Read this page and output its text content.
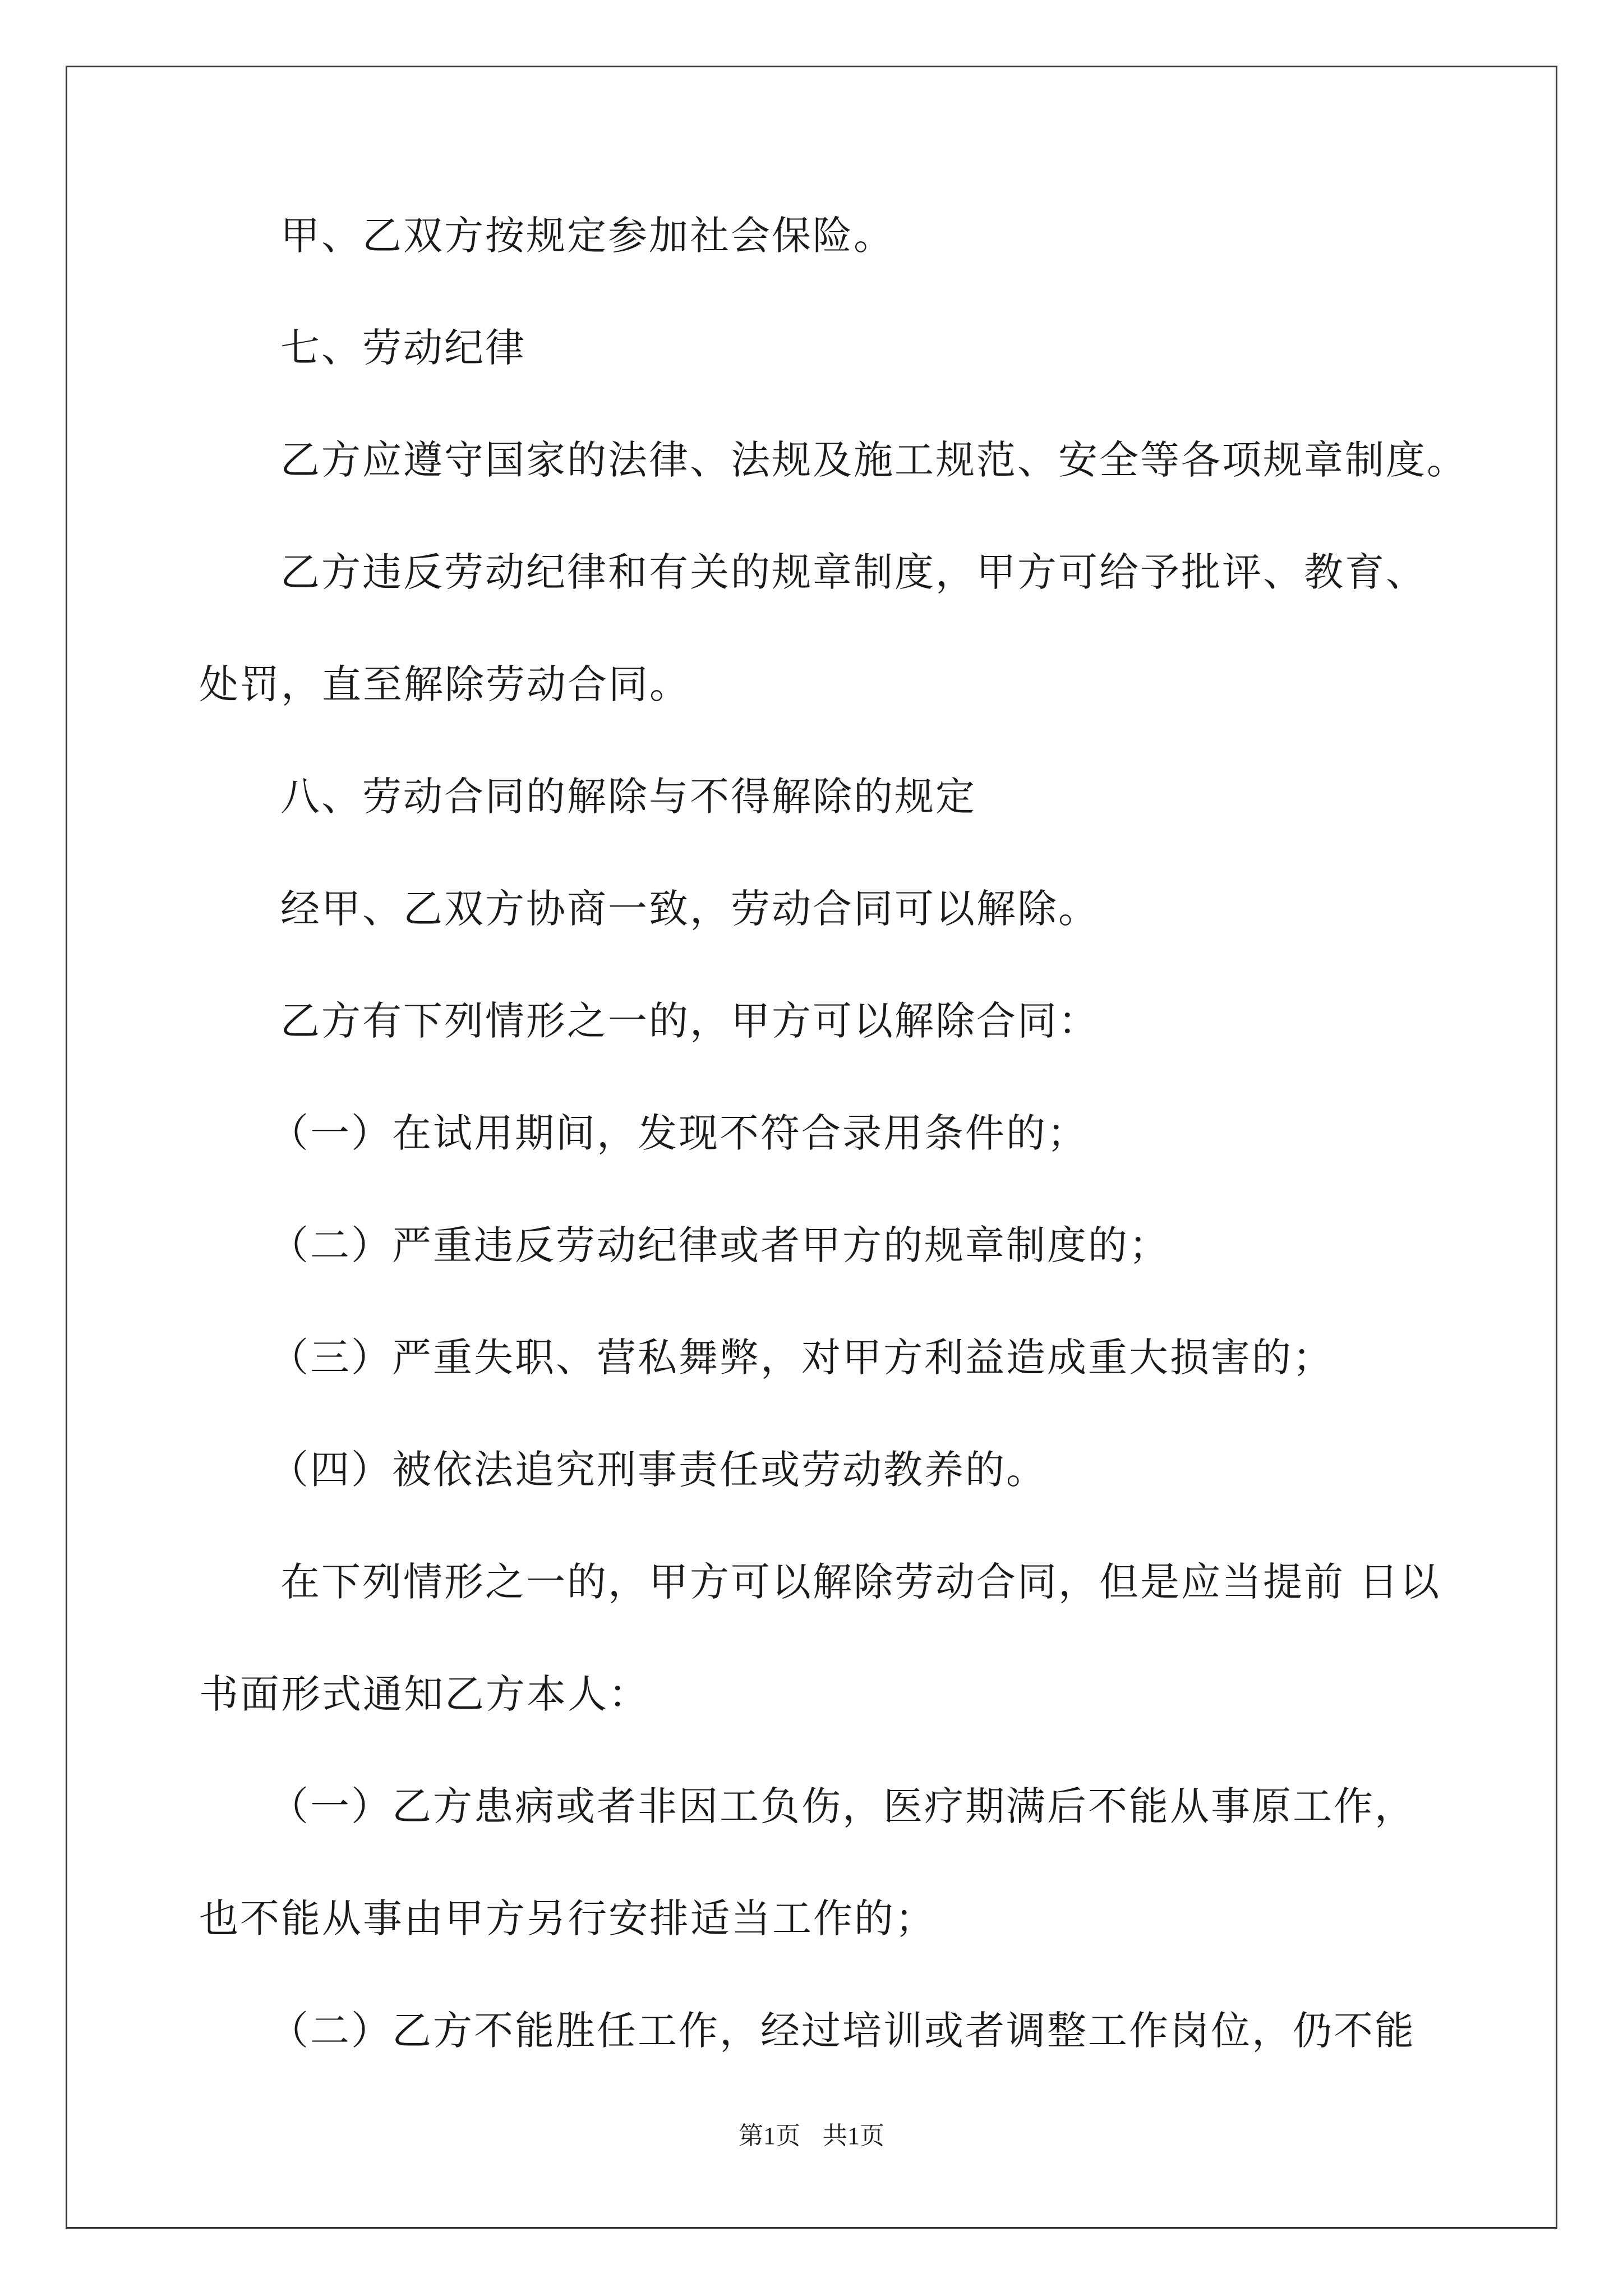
甲、乙双方按规定参加社会保险。
七、劳动纪律
乙方应遵守国家的法律、法规及施工规范、安全等各项规章制度。
乙方违反劳动纪律和有关的规章制度，甲方可给予批评、教育、
处罚，直至解除劳动合同。
八、劳动合同的解除与不得解除的规定
经甲、乙双方协商一致，劳动合同可以解除。
乙方有下列情形之一的，甲方可以解除合同：
（一）在试用期间，发现不符合录用条件的；
（二）严重违反劳动纪律或者甲方的规章制度的；
（三）严重失职、营私舞弊，对甲方利益造成重大损害的；
（四）被依法追究刑事责任或劳动教养的。
在下列情形之一的，甲方可以解除劳动合同，但是应当提前 日以
书面形式通知乙方本人：
（一）乙方患病或者非因工负伤，医疗期满后不能从事原工作，
也不能从事由甲方另行安排适当工作的；
（二）乙方不能胜任工作，经过培训或者调整工作岗位，仍不能
第1页 共1页
